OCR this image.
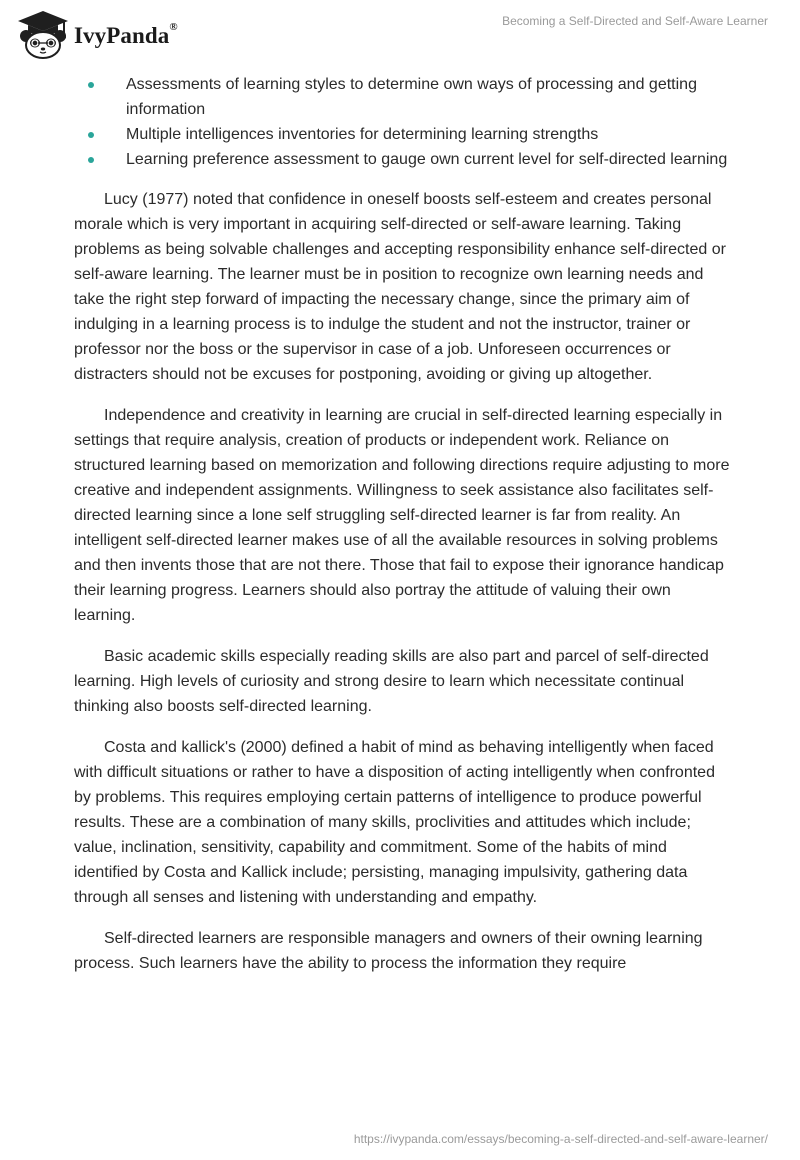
IvyPanda®	Becoming a Self-Directed and Self-Aware Learner
Assessments of learning styles to determine own ways of processing and getting information
Multiple intelligences inventories for determining learning strengths
Learning preference assessment to gauge own current level for self-directed learning

Lucy (1977) noted that confidence in oneself boosts self-esteem and creates personal morale which is very important in acquiring self-directed or self-aware learning. Taking problems as being solvable challenges and accepting responsibility enhance self-directed or self-aware learning. The learner must be in position to recognize own learning needs and take the right step forward of impacting the necessary change, since the primary aim of indulging in a learning process is to indulge the student and not the instructor, trainer or professor nor the boss or the supervisor in case of a job. Unforeseen occurrences or distracters should not be excuses for postponing, avoiding or giving up altogether.

Independence and creativity in learning are crucial in self-directed learning especially in settings that require analysis, creation of products or independent work. Reliance on structured learning based on memorization and following directions require adjusting to more creative and independent assignments. Willingness to seek assistance also facilitates self-directed learning since a lone self struggling self-directed learner is far from reality. An intelligent self-directed learner makes use of all the available resources in solving problems and then invents those that are not there. Those that fail to expose their ignorance handicap their learning progress. Learners should also portray the attitude of valuing their own learning.

Basic academic skills especially reading skills are also part and parcel of self-directed learning. High levels of curiosity and strong desire to learn which necessitate continual thinking also boosts self-directed learning.

Costa and kallick's (2000) defined a habit of mind as behaving intelligently when faced with difficult situations or rather to have a disposition of acting intelligently when confronted by problems. This requires employing certain patterns of intelligence to produce powerful results. These are a combination of many skills, proclivities and attitudes which include; value, inclination, sensitivity, capability and commitment. Some of the habits of mind identified by Costa and Kallick include; persisting, managing impulsivity, gathering data through all senses and listening with understanding and empathy.

Self-directed learners are responsible managers and owners of their owning learning process. Such learners have the ability to process the information they require

https://ivypanda.com/essays/becoming-a-self-directed-and-self-aware-learner/
